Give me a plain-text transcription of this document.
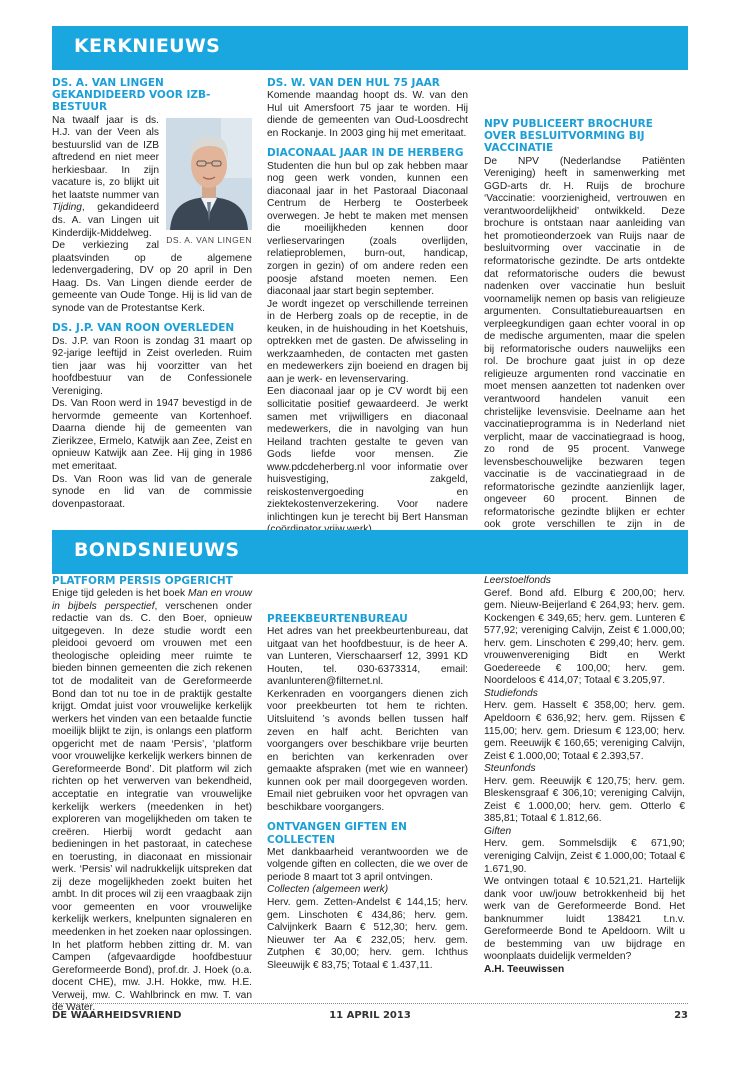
KERKNIEUWS
DS. A. VAN LINGEN GEKANDIDEERD VOOR IZB-BESTUUR
DS. A. VAN LINGEN

Na twaalf jaar is ds. H.J. van der Veen als bestuurslid van de IZB aftredend en niet meer herkiesbaar. In zijn vacature is, zo blijkt uit het laatste nummer van Tijding, gekandideerd ds. A. van Lingen uit Kinderdijk-Middelweg. De verkiezing zal plaatsvinden op de algemene ledenvergadering, DV op 20 april in Den Haag. Ds. Van Lingen diende eerder de gemeente van Oude Tonge. Hij is lid van de synode van de Protestantse Kerk.

DS. J.P. VAN ROON OVERLEDEN

Ds. J.P. van Roon is zondag 31 maart op 92-jarige leeftijd in Zeist overleden. Ruim tien jaar was hij voorzitter van het hoofdbestuur van de Confessionele Vereniging.

Ds. Van Roon werd in 1947 bevestigd in de hervormde gemeente van Kortenhoef. Daarna diende hij de gemeenten van Zierikzee, Ermelo, Katwijk aan Zee, Zeist en opnieuw Katwijk aan Zee. Hij ging in 1986 met emeritaat.

Ds. Van Roon was lid van de generale synode en lid van de commissie dovenpastoraat.

DS. W. VAN DEN HUL 75 JAAR

Komende maandag hoopt ds. W. van den Hul uit Amersfoort 75 jaar te worden. Hij diende de gemeenten van Oud-Loosdrecht en Rockanje. In 2003 ging hij met emeritaat.

DIACONAAL JAAR IN DE HERBERG

Studenten die hun bul op zak hebben maar nog geen werk vonden, kunnen een diaconaal jaar in het Pastoraal Diaconaal Centrum de Herberg te Oosterbeek overwegen. Je hebt te maken met mensen die moeilijkheden kennen door verlieservaringen (zoals overlijden, relatieproblemen, burn-out, handicap, zorgen in gezin) of om andere reden een poosje afstand moeten nemen. Een diaconaal jaar start begin september.

Je wordt ingezet op verschillende terreinen in de Herberg zoals op de receptie, in de keuken, in de huishouding in het Koetshuis, optrekken met de gasten. De afwisseling in werkzaamheden, de contacten met gasten en medewerkers zijn boeiend en dragen bij aan je werk- en levenservaring.

Een diaconaal jaar op je CV wordt bij een sollicitatie positief gewaardeerd. Je werkt samen met vrijwilligers en diaconaal medewerkers, die in navolging van hun Heiland trachten gestalte te geven van Gods liefde voor mensen. Zie www.pdcdeherberg.nl voor informatie over huisvestiging, zakgeld, reiskostenvergoeding en ziektekostenverzekering. Voor nadere inlichtingen kun je terecht bij Bert Hansman

NPV PUBLICEERT BROCHURE OVER BESLUITVORMING BIJ VACCINATIE

De NPV (Nederlandse Patiënten Vereniging) heeft in samenwerking met GGD-arts dr. H. Ruijs de brochure ‘Vaccinatie: voorzienigheid, vertrouwen en verantwoordelijkheid’ ontwikkeld. Deze brochure is ontstaan naar aanleiding van het promotieonderzoek van Ruijs naar de besluitvorming over vaccinatie in de reformatorische gezindte. De arts ontdekte dat reformatorische ouders die bewust nadenken over vaccinatie hun besluit voornamelijk nemen op basis van religieuze argumenten. Consultatiebureauartsen en verpleegkundigen gaan echter vooral in op de medische argumenten, maar die spelen bij reformatorische ouders nauwelijks een rol. De brochure gaat juist in op deze religieuze argumenten rond vaccinatie en moet mensen aanzetten tot nadenken over verantwoord handelen vanuit een christelijke levensvisie. Deelname aan het vaccinatieprogramma is in Nederland niet verplicht, maar de vaccinatiegraad is hoog, zo rond de 95 procent. Vanwege levensbeschouwelijke bezwaren tegen vaccinatie is de vaccinatiegraad in de reformatorische gezindte aanzienlijk lager, ongeveer 60 procent. Binnen de reformatorische gezindte blijken er echter ook grote verschillen te zijn in de

BONDSNIEUWS
PLATFORM PERSIS OPGERICHT

Enige tijd geleden is het boek Man en vrouw in bijbels perspectief, verschenen onder redactie van ds. C. den Boer, opnieuw uitgegeven. In deze studie wordt een pleidooi gevoerd om vrouwen met een theologische opleiding meer ruimte te bieden binnen gemeenten die zich rekenen tot de modaliteit van de Gereformeerde Bond dan tot nu toe in de praktijk gestalte krijgt. Omdat juist voor vrouwelijke kerkelijk werkers het vinden van een betaalde functie moeilijk blijkt te zijn, is onlangs een platform opgericht met de naam ‘Persis’, ‘platform voor vrouwelijke kerkelijk werkers binnen de Gereformeerde Bond’. Dit platform wil zich richten op het verwerven van bekendheid, acceptatie en integratie van vrouwelijke kerkelijk werkers (meedenken in het) exploreren van mogelijkheden om taken te creëren. Hierbij wordt gedacht aan bedieningen in het pastoraat, in catechese en toerusting, in diaconaat en missionair werk. ‘Persis’ wil nadrukkelijk uitspreken dat zij deze mogelijkheden zoekt buiten het ambt. In dit proces wil zij een vraagbaak zijn voor gemeenten en voor vrouwelijke kerkelijk werkers, knelpunten signaleren en meedenken in het zoeken naar oplossingen.

In het platform hebben zitting dr. M. van Campen (afgevaardigde hoofdbestuur Gereformeerde Bond), prof.dr. J. Hoek (o.a. docent CHE), mw. J.H. Hokke, mw. H.E. Verweij, mw. C. Wahlbrinck en mw. T. van de Water.

PREEKBEURTENBUREAU

Het adres van het preekbeurtenbureau, dat uitgaat van het hoofdbestuur, is de heer A. van Lunteren, Vierschaarserf 12, 3991 KD Houten, tel. 030-6373314, email: avanlunteren@filternet.nl.

Kerkenraden en voorgangers dienen zich voor preekbeurten tot hem te richten. Uitsluitend ’s avonds bellen tussen half zeven en half acht. Berichten van voorgangers over beschikbare vrije beurten en berichten van kerkenraden over gemaakte afspraken (met wie en wanneer) kunnen ook per mail doorgegeven worden. Email niet gebruiken voor het opvragen van beschikbare voorgangers.

ONTVANGEN GIFTEN EN COLLECTEN

Met dankbaarheid verantwoorden we de volgende giften en collecten, die we over de periode 8 maart tot 3 april ontvingen.

Collecten (algemeen werk)

Herv. gem. Zetten-Andelst € 144,15; herv. gem. Linschoten € 434,86; herv. gem. Calvijnkerk Baarn € 512,30; herv. gem. Nieuwer ter Aa € 232,05; herv. gem. Zutphen € 30,00; herv. gem. Ichthus Sleeuwijk € 83,75; Totaal € 1.437,11.

Leerstoelfonds

Geref. Bond afd. Elburg € 200,00; herv. gem. Nieuw-Beijerland € 264,93; herv. gem. Kockengen € 349,65; herv. gem. Lunteren € 577,92; vereniging Calvijn, Zeist € 1.000,00; herv. gem. Linschoten € 299,40; herv. gem. vrouwenvereniging Bidt en Werkt Goedereede € 100,00; herv. gem. Noordeloos € 414,07; Totaal € 3.205,97.

Studiefonds

Herv. gem. Hasselt € 358,00; herv. gem. Apeldoorn € 636,92; herv. gem. Rijssen € 115,00; herv. gem. Driesum € 123,00; herv. gem. Reeuwijk € 160,65; vereniging Calvijn, Zeist € 1.000,00; Totaal € 2.393,57.

Steunfonds

Herv. gem. Reeuwijk € 120,75; herv. gem. Bleskensgraaf € 306,10; vereniging Calvijn, Zeist € 1.000,00; herv. gem. Otterlo € 385,81; Totaal € 1.812,66.

Giften

Herv. gem. Sommelsdijk € 671,90; vereniging Calvijn, Zeist € 1.000,00; Totaal € 1.671,90.

We ontvingen totaal € 10.521,21. Hartelijk dank voor uw/jouw betrokkenheid bij het werk van de Gereformeerde Bond. Het banknummer luidt 138421 t.n.v. Gereformeerde Bond te Apeldoorn. Wilt u de bestemming van uw bijdrage en woonplaats duidelijk vermelden?

A.H. Teeuwissen

DE WAARHEIDSVRIEND	11 APRIL 2013	23
